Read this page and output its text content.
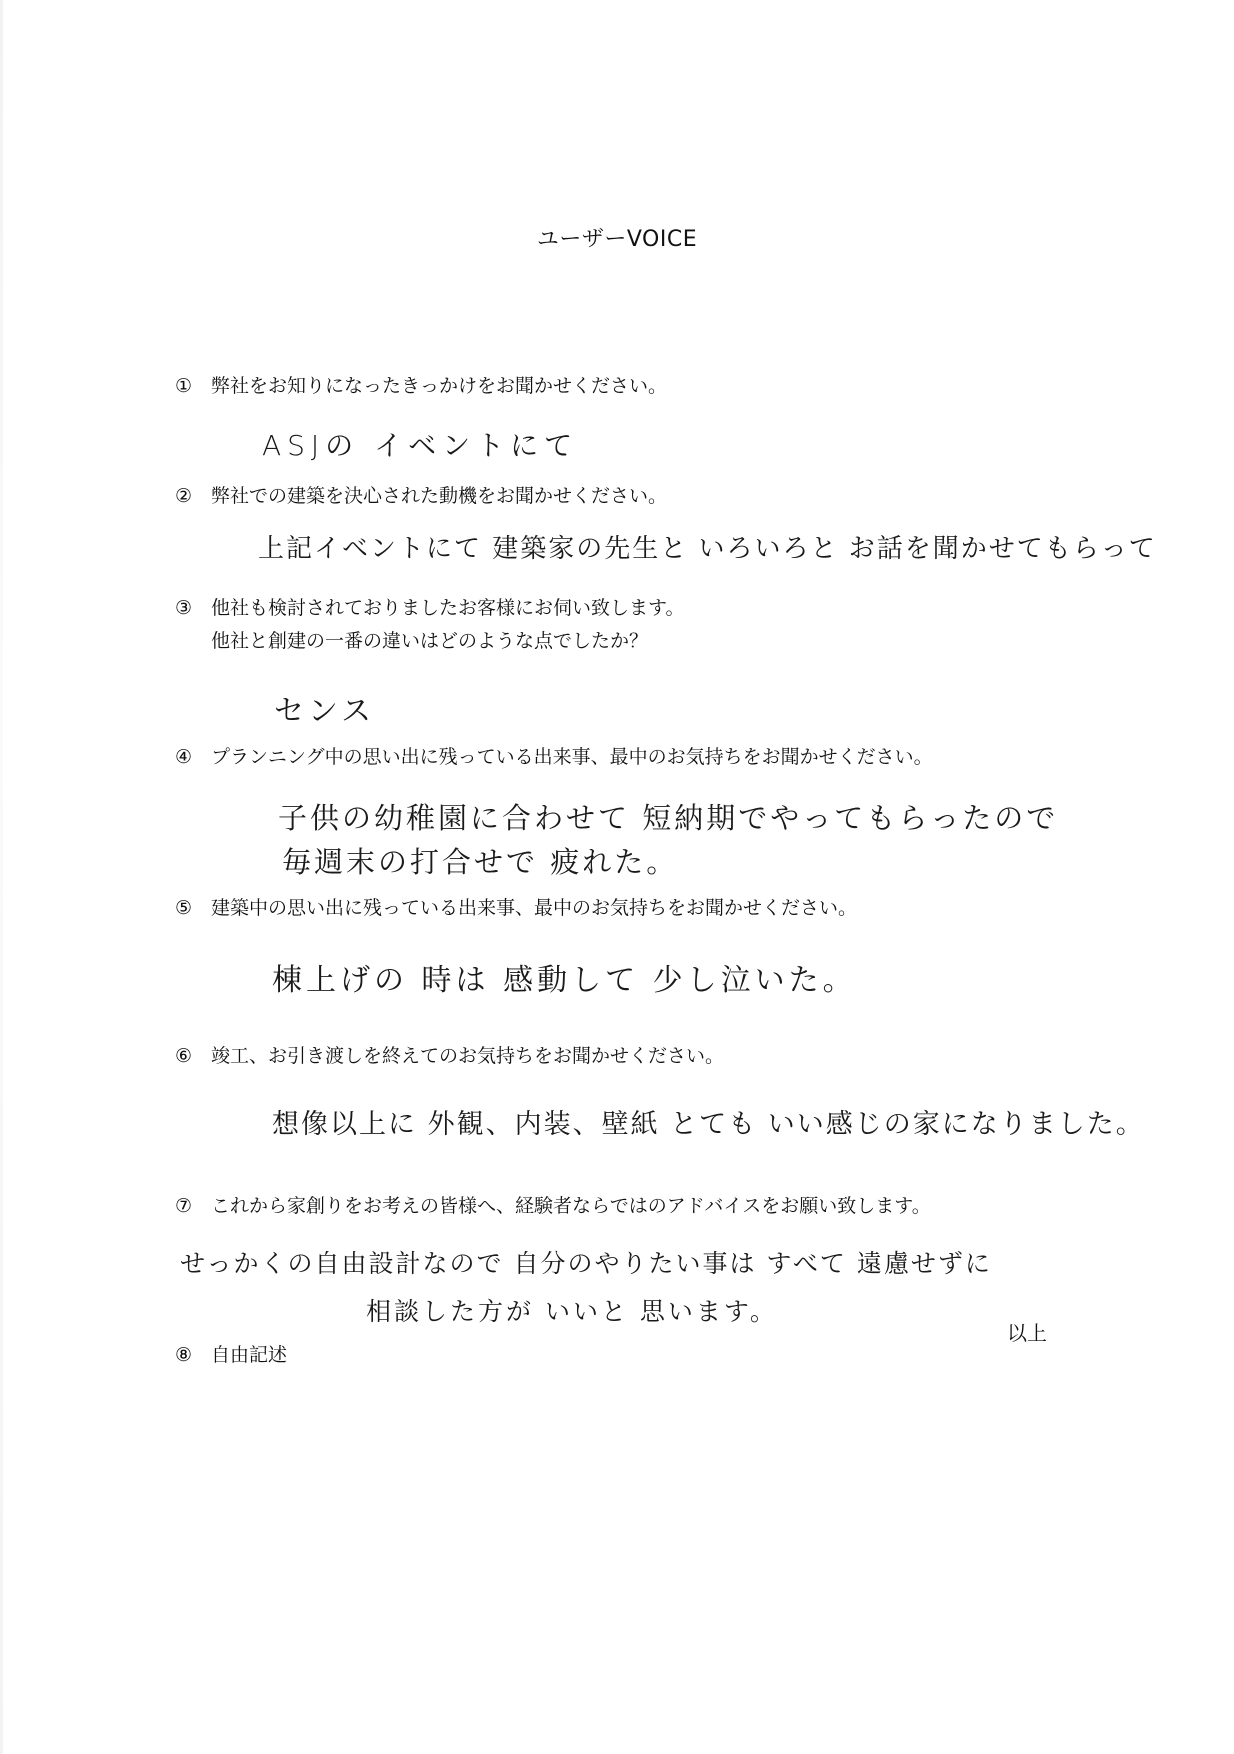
ユーザーVOICE
① 弊社をお知りになったきっかけをお聞かせください。
ASJの イベントにて
② 弊社での建築を決心された動機をお聞かせください。
上記イベントにて 建築家の先生と いろいろと お話を聞かせてもらって
③ 他社も検討されておりましたお客様にお伺い致します。
他社と創建の一番の違いはどのような点でしたか？
センス
④ プランニング中の思い出に残っている出来事、最中のお気持ちをお聞かせください。
子供の幼稚園に合わせて 短納期でやってもらったので
毎週末の打合せで 疲れた。
⑤ 建築中の思い出に残っている出来事、最中のお気持ちをお聞かせください。
棟上げの 時は 感動して 少し泣いた。
⑥ 竣工、お引き渡しを終えてのお気持ちをお聞かせください。
想像以上に 外観、内装、壁紙 とても いい感じの家になりました。
⑦ これから家創りをお考えの皆様へ、経験者ならではのアドバイスをお願い致します。
せっかくの自由設計なので 自分のやりたい事は すべて 遠慮せずに
相談した方が いいと 思います。
⑧ 自由記述
以上
